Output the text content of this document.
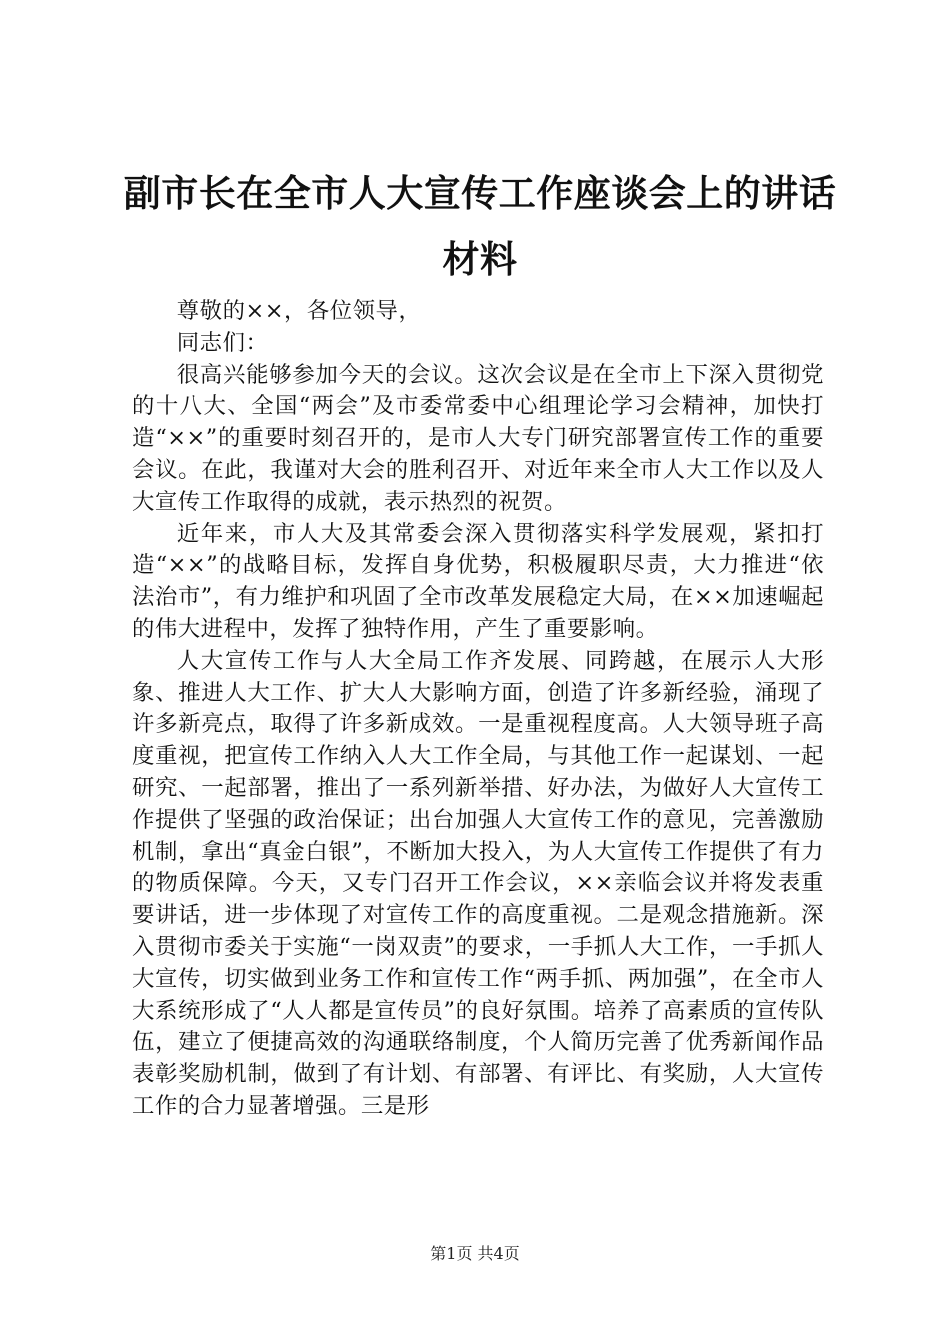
副市长在全市人大宣传工作座谈会上的讲话材料

尊敬的××，各位领导，

同志们：

很高兴能够参加今天的会议。这次会议是在全市上下深入贯彻党的十八大、全国“两会”及市委常委中心组理论学习会精神，加快打造“××”的重要时刻召开的，是市人大专门研究部署宣传工作的重要会议。在此，我谨对大会的胜利召开、对近年来全市人大工作以及人大宣传工作取得的成就，表示热烈的祝贺。

近年来，市人大及其常委会深入贯彻落实科学发展观，紧扣打造“××”的战略目标，发挥自身优势，积极履职尽责，大力推进“依法治市”，有力维护和巩固了全市改革发展稳定大局，在××加速崛起的伟大进程中，发挥了独特作用，产生了重要影响。

人大宣传工作与人大全局工作齐发展、同跨越，在展示人大形象、推进人大工作、扩大人大影响方面，创造了许多新经验，涌现了许多新亮点，取得了许多新成效。一是重视程度高。人大领导班子高度重视，把宣传工作纳入人大工作全局，与其他工作一起谋划、一起研究、一起部署，推出了一系列新举措、好办法，为做好人大宣传工作提供了坚强的政治保证；出台加强人大宣传工作的意见，完善激励机制，拿出“真金白银”，不断加大投入，为人大宣传工作提供了有力的物质保障。今天，又专门召开工作会议，××亲临会议并将发表重要讲话，进一步体现了对宣传工作的高度重视。二是观念措施新。深入贯彻市委关于实施“一岗双责”的要求，一手抓人大工作，一手抓人大宣传，切实做到业务工作和宣传工作“两手抓、两加强”，在全市人大系统形成了“人人都是宣传员”的良好氛围。培养了高素质的宣传队伍，建立了便捷高效的沟通联络制度，个人简历完善了优秀新闻作品表彰奖励机制，做到了有计划、有部署、有评比、有奖励，人大宣传工作的合力显著增强。三是形

第1页 共4页
